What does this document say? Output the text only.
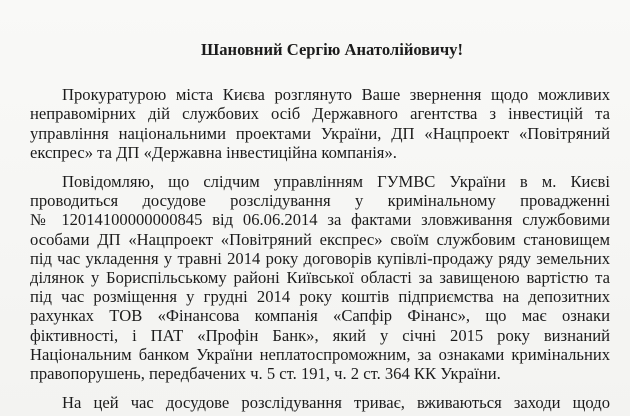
Шановний Сергію Анатолійовичу!

Прокуратурою міста Києва розглянуто Ваше звернення щодо можливих
неправомірних дій службових осіб Державного агентства з інвестицій та
управління національними проектами України, ДП «Нацпроект «Повітряний
експрес» та ДП «Державна інвестиційна компанія».
Повідомляю, що слідчим управлінням ГУМВС України в м. Києві
проводиться досудове розслідування у кримінальному провадженні
№ 12014100000000845 від 06.06.2014 за фактами зловживання службовими
особами ДП «Нацпроект «Повітряний експрес» своїм службовим становищем
під час укладення у травні 2014 року договорів купівлі-продажу ряду земельних
ділянок у Бориспільському районі Київської області за завищеною вартістю та
під час розміщення у грудні 2014 року коштів підприємства на депозитних
рахунках ТОВ «Фінансова компанія «Сапфір Фінанс», що має ознаки
фіктивності, і ПАТ «Профін Банк», який у січні 2015 року визнаний
Національним банком України неплатоспроможним, за ознаками кримінальних
правопорушень, передбачених ч. 5 ст. 191, ч. 2 ст. 364 КК України.
На цей час досудове розслідування триває, вживаються заходи щодо
